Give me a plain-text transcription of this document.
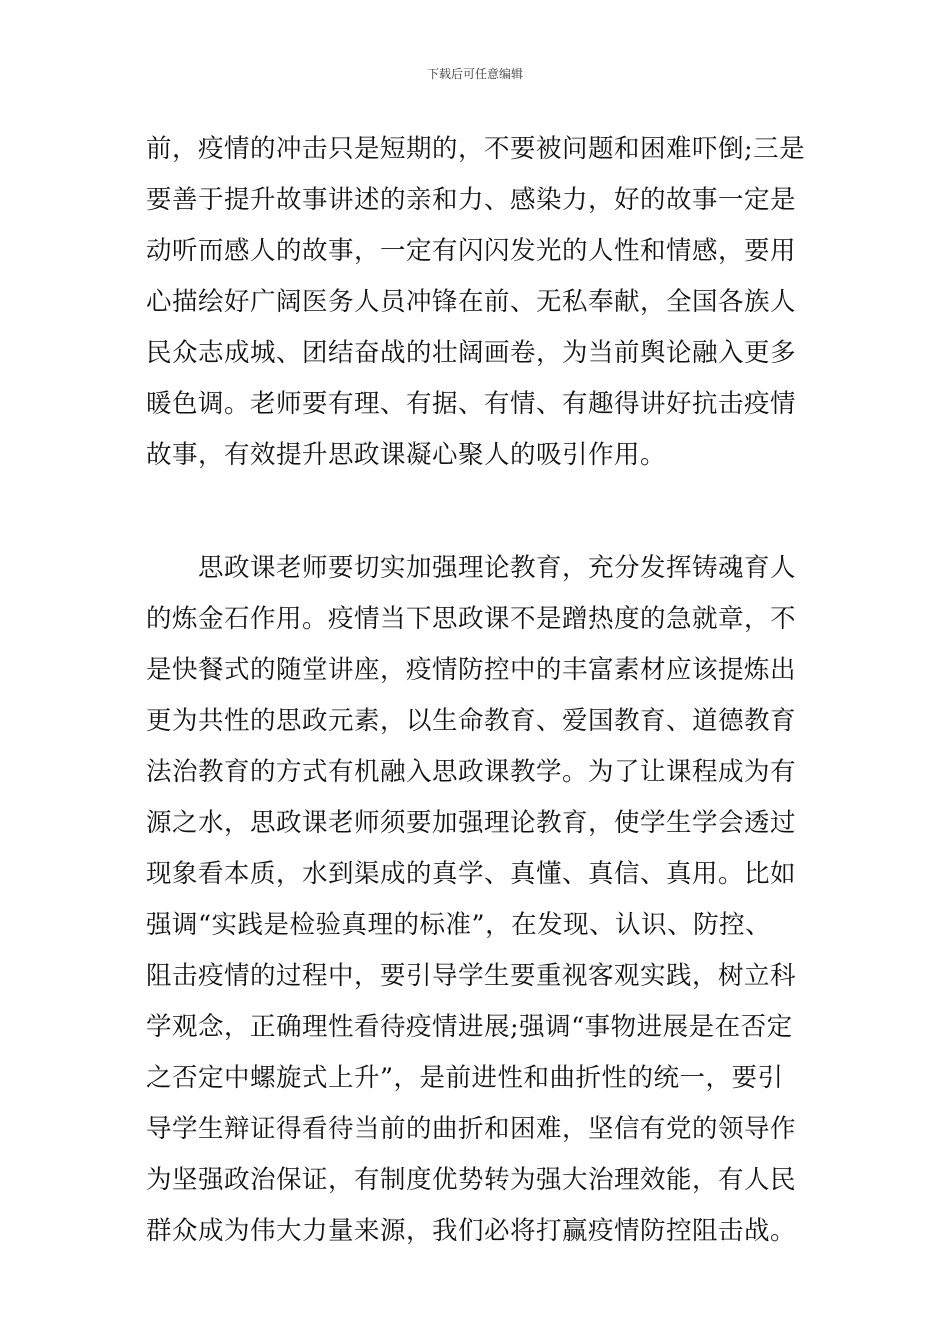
下载后可任意编辑
前，疫情的冲击只是短期的，不要被问题和困难吓倒;三是
要善于提升故事讲述的亲和力、感染力，好的故事一定是
动听而感人的故事，一定有闪闪发光的人性和情感，要用
心描绘好广阔医务人员冲锋在前、无私奉献，全国各族人
民众志成城、团结奋战的壮阔画卷，为当前舆论融入更多
暖色调。老师要有理、有据、有情、有趣得讲好抗击疫情
故事，有效提升思政课凝心聚人的吸引作用。
思政课老师要切实加强理论教育，充分发挥铸魂育人
的炼金石作用。疫情当下思政课不是蹭热度的急就章，不
是快餐式的随堂讲座，疫情防控中的丰富素材应该提炼出
更为共性的思政元素，以生命教育、爱国教育、道德教育
法治教育的方式有机融入思政课教学。为了让课程成为有
源之水，思政课老师须要加强理论教育，使学生学会透过
现象看本质，水到渠成的真学、真懂、真信、真用。比如
强调“实践是检验真理的标准”，在发现、认识、防控、
阻击疫情的过程中，要引导学生要重视客观实践，树立科
学观念，正确理性看待疫情进展;强调“事物进展是在否定
之否定中螺旋式上升”，是前进性和曲折性的统一，要引
导学生辩证得看待当前的曲折和困难，坚信有党的领导作
为坚强政治保证，有制度优势转为强大治理效能，有人民
群众成为伟大力量来源，我们必将打赢疫情防控阻击战。
